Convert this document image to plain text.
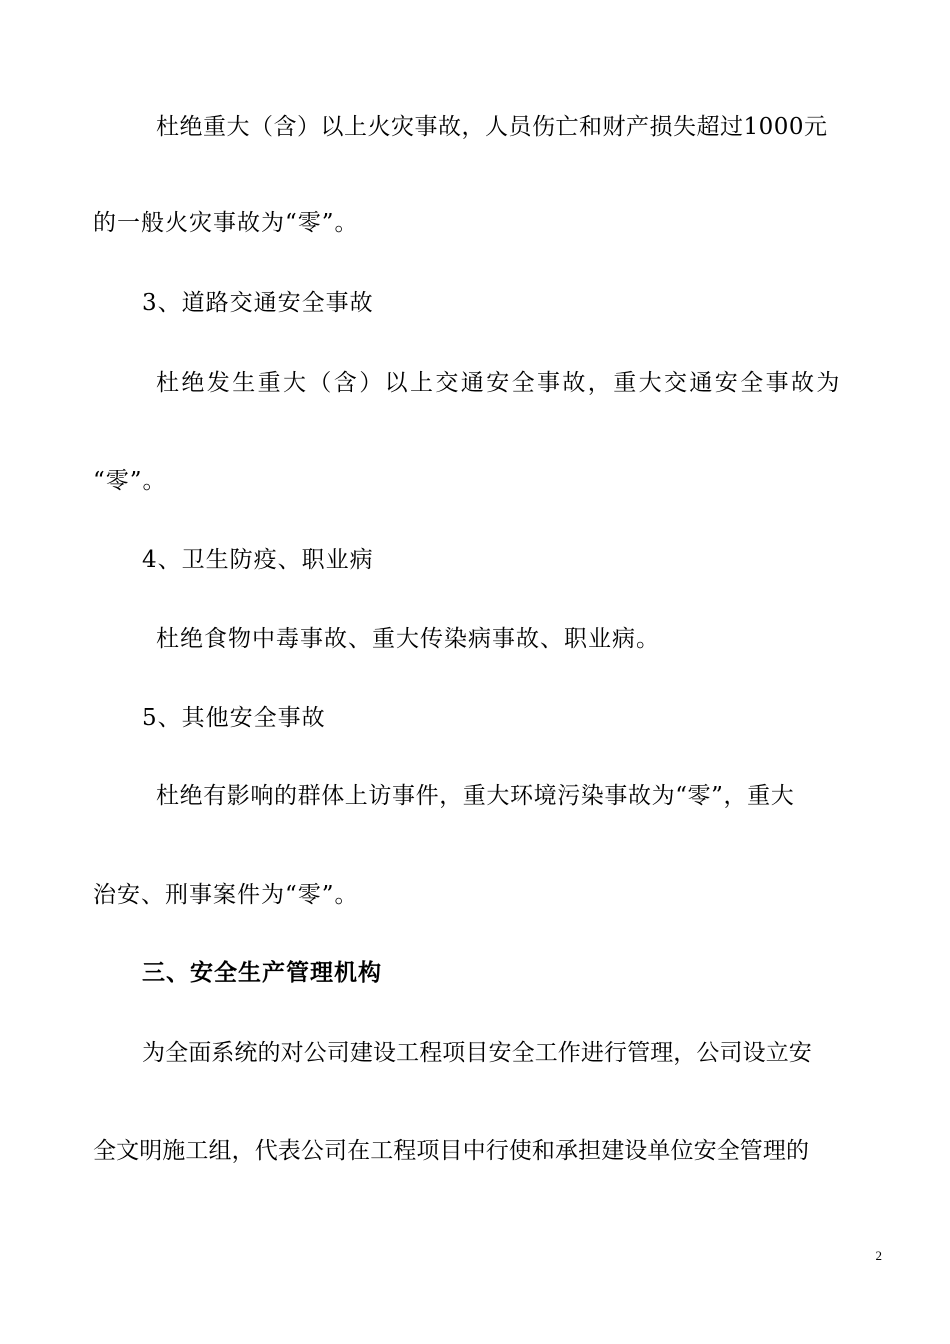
杜绝重大（含）以上火灾事故，人员伤亡和财产损失超过1000元
的一般火灾事故为“零”。
3、道路交通安全事故
杜绝发生重大（含）以上交通安全事故，重大交通安全事故为
“零”。
4、卫生防疫、职业病
杜绝食物中毒事故、重大传染病事故、职业病。
5、其他安全事故
杜绝有影响的群体上访事件，重大环境污染事故为“零”，重大
治安、刑事案件为“零”。
三、安全生产管理机构
为全面系统的对公司建设工程项目安全工作进行管理，公司设立安
全文明施工组，代表公司在工程项目中行使和承担建设单位安全管理的
2
